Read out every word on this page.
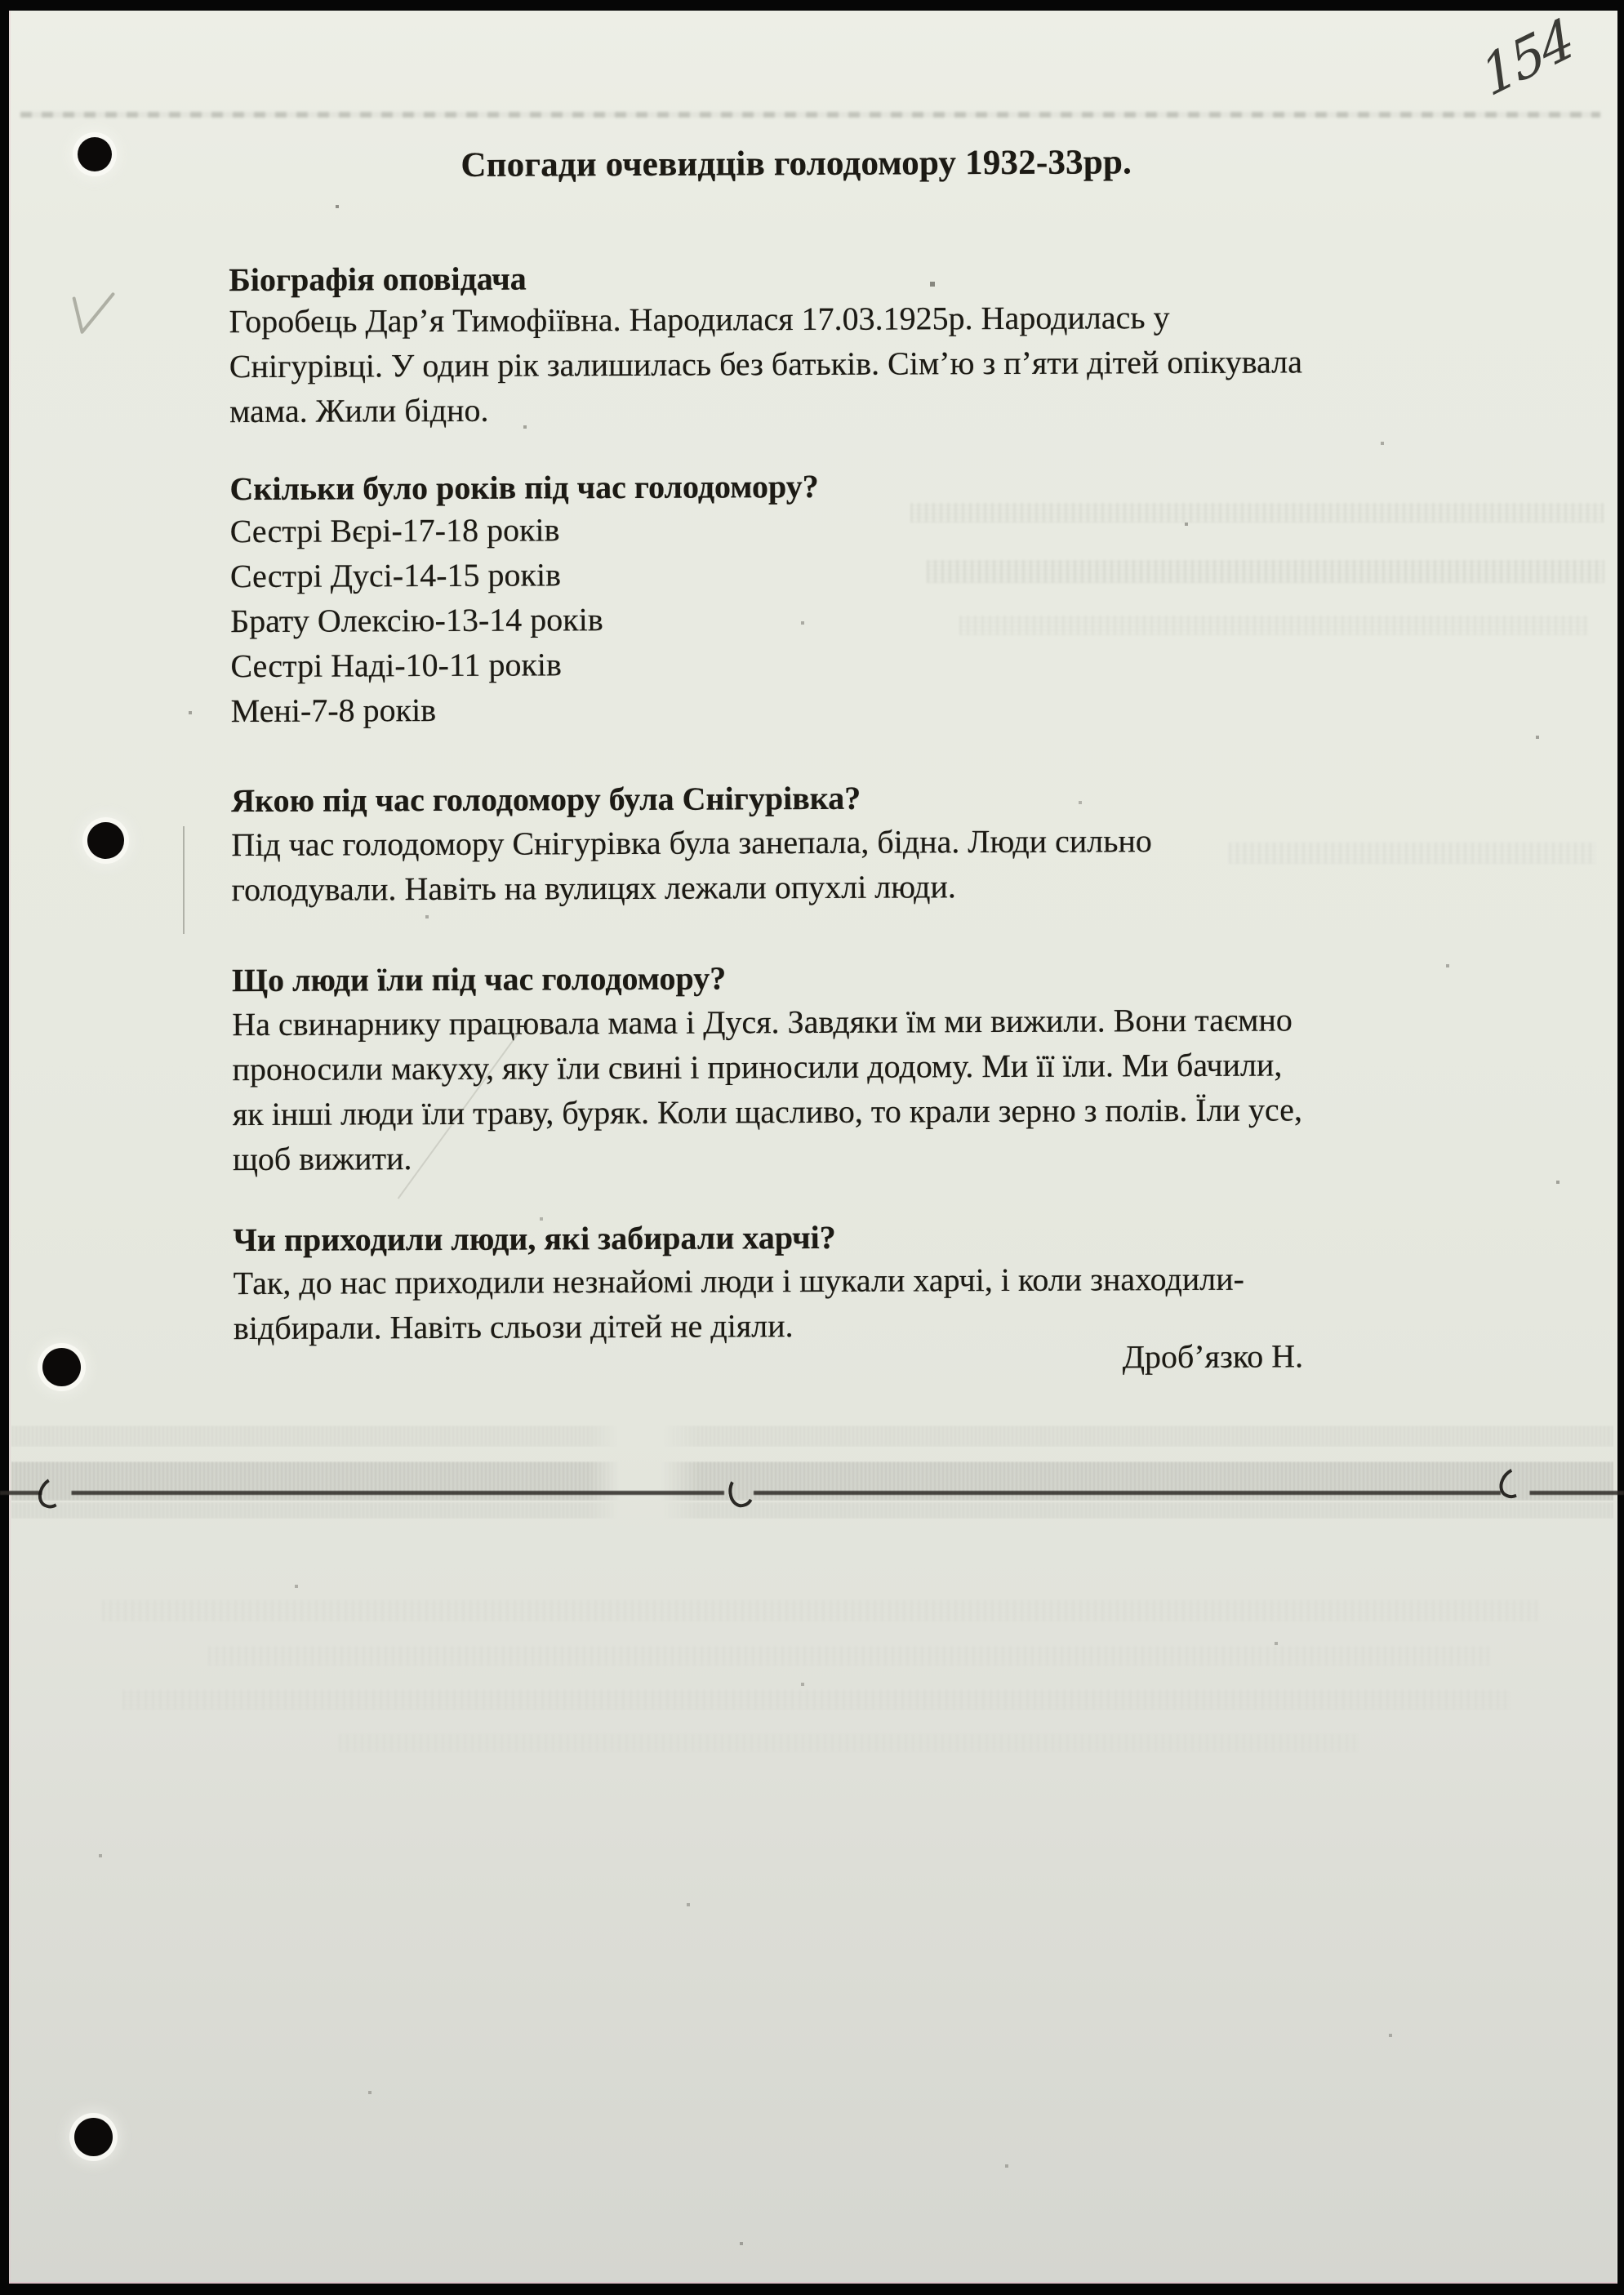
154
Спогади очевидців голодомору 1932-33рр.
Біографія оповідача
Горобець Дар’я Тимофіївна. Народилася 17.03.1925р. Народилась у
Снігурівці. У один рік залишилась без батьків. Сім’ю з п’яти дітей опікувала
мама. Жили бідно.
Скільки було років під час голодомору?
Сестрі Вєрі-17-18 років
Сестрі Дусі-14-15 років
Брату Олексію-13-14 років
Сестрі Наді-10-11 років
Мені-7-8 років
Якою під час голодомору була Снігурівка?
Під час голодомору Снігурівка була занепала, бідна. Люди сильно
голодували. Навіть на вулицях лежали опухлі люди.
Що люди їли під час голодомору?
На свинарнику працювала мама і Дуся. Завдяки їм ми вижили. Вони таємно
проносили макуху, яку їли свині і приносили додому. Ми її їли. Ми бачили,
як інші люди їли траву, буряк. Коли щасливо, то крали зерно з полів. Їли усе,
щоб вижити.
Чи приходили люди, які забирали харчі?
Так, до нас приходили незнайомі люди і шукали харчі, і коли знаходили-
відбирали. Навіть сльози дітей не діяли.
Дроб’язко Н.
